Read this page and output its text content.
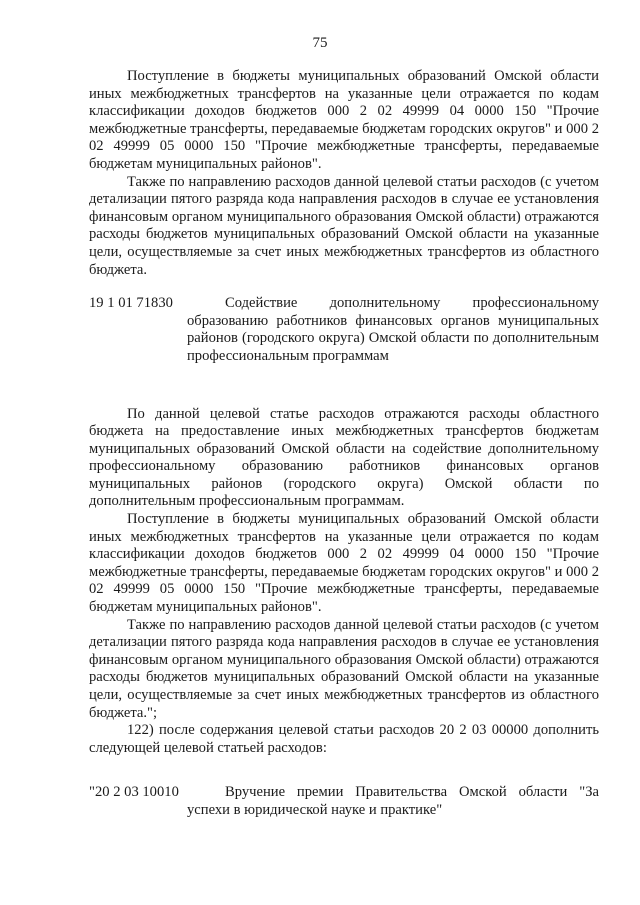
75

Поступление в бюджеты муниципальных образований Омской области иных межбюджетных трансфертов на указанные цели отражается по кодам классификации доходов бюджетов 000 2 02 49999 04 0000 150 "Прочие межбюджетные трансферты, передаваемые бюджетам городских округов" и 000 2 02 49999 05 0000 150 "Прочие межбюджетные трансферты, передаваемые бюджетам муниципальных районов".

Также по направлению расходов данной целевой статьи расходов (с учетом детализации пятого разряда кода направления расходов в случае ее установления финансовым органом муниципального образования Омской области) отражаются расходы бюджетов муниципальных образований Омской области на указанные цели, осуществляемые за счет иных межбюджетных трансфертов из областного бюджета.

19 1 01 71830	Содействие дополнительному профессиональному образованию работников финансовых органов муниципальных районов (городского округа) Омской области по дополнительным профессиональным программам

По данной целевой статье расходов отражаются расходы областного бюджета на предоставление иных межбюджетных трансфертов бюджетам муниципальных образований Омской области на содействие дополнительному профессиональному образованию работников финансовых органов муниципальных районов (городского округа) Омской области по дополнительным профессиональным программам.

Поступление в бюджеты муниципальных образований Омской области иных межбюджетных трансфертов на указанные цели отражается по кодам классификации доходов бюджетов 000 2 02 49999 04 0000 150 "Прочие межбюджетные трансферты, передаваемые бюджетам городских округов" и 000 2 02 49999 05 0000 150 "Прочие межбюджетные трансферты, передаваемые бюджетам муниципальных районов".

Также по направлению расходов данной целевой статьи расходов (с учетом детализации пятого разряда кода направления расходов в случае ее установления финансовым органом муниципального образования Омской области) отражаются расходы бюджетов муниципальных образований Омской области на указанные цели, осуществляемые за счет иных межбюджетных трансфертов из областного бюджета.";

122) после содержания целевой статьи расходов 20 2 03 00000 дополнить следующей целевой статьей расходов:

"20 2 03 10010	Вручение премии Правительства Омской области "За успехи в юридической науке и практике"
